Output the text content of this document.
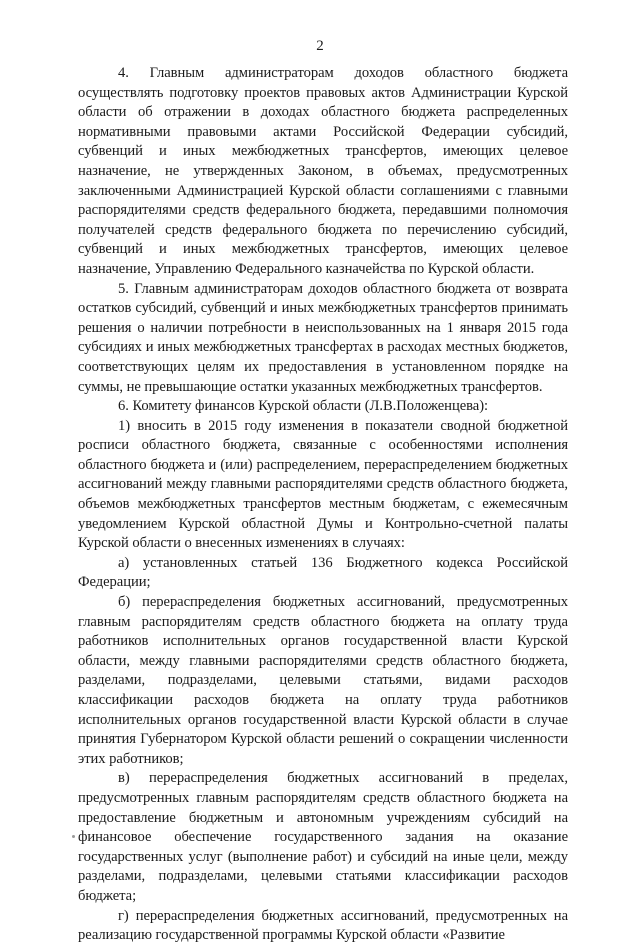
2

4. Главным администраторам доходов областного бюджета осуществлять подготовку проектов правовых актов Администрации Курской области об отражении в доходах областного бюджета распределенных нормативными правовыми актами Российской Федерации субсидий, субвенций и иных межбюджетных трансфертов, имеющих целевое назначение, не утвержденных Законом, в объемах, предусмотренных заключенными Администрацией Курской области соглашениями с главными распорядителями средств федерального бюджета, передавшими полномочия получателей средств федерального бюджета по перечислению субсидий, субвенций и иных межбюджетных трансфертов, имеющих целевое назначение, Управлению Федерального казначейства по Курской области.

5. Главным администраторам доходов областного бюджета от возврата остатков субсидий, субвенций и иных межбюджетных трансфертов принимать решения о наличии потребности в неиспользованных на 1 января 2015 года субсидиях и иных межбюджетных трансфертах в расходах местных бюджетов, соответствующих целям их предоставления в установленном порядке на суммы, не превышающие остатки указанных межбюджетных трансфертов.

6. Комитету финансов Курской области (Л.В.Положенцева):

1) вносить в 2015 году изменения в показатели сводной бюджетной росписи областного бюджета, связанные с особенностями исполнения областного бюджета и (или) распределением, перераспределением бюджетных ассигнований между главными распорядителями средств областного бюджета, объемов межбюджетных трансфертов местным бюджетам, с ежемесячным уведомлением Курской областной Думы и Контрольно-счетной палаты Курской области о внесенных изменениях в случаях:

а) установленных статьей 136 Бюджетного кодекса Российской Федерации;

б) перераспределения бюджетных ассигнований, предусмотренных главным распорядителям средств областного бюджета на оплату труда работников исполнительных органов государственной власти Курской области, между главными распорядителями средств областного бюджета, разделами, подразделами, целевыми статьями, видами расходов классификации расходов бюджета на оплату труда работников исполнительных органов государственной власти Курской области в случае принятия Губернатором Курской области решений о сокращении численности этих работников;

в) перераспределения бюджетных ассигнований в пределах, предусмотренных главным распорядителям средств областного бюджета на предоставление бюджетным и автономным учреждениям субсидий на финансовое обеспечение государственного задания на оказание государственных услуг (выполнение работ) и субсидий на иные цели, между разделами, подразделами, целевыми статьями классификации расходов бюджета;

г) перераспределения бюджетных ассигнований, предусмотренных на реализацию государственной программы Курской области «Развитие
